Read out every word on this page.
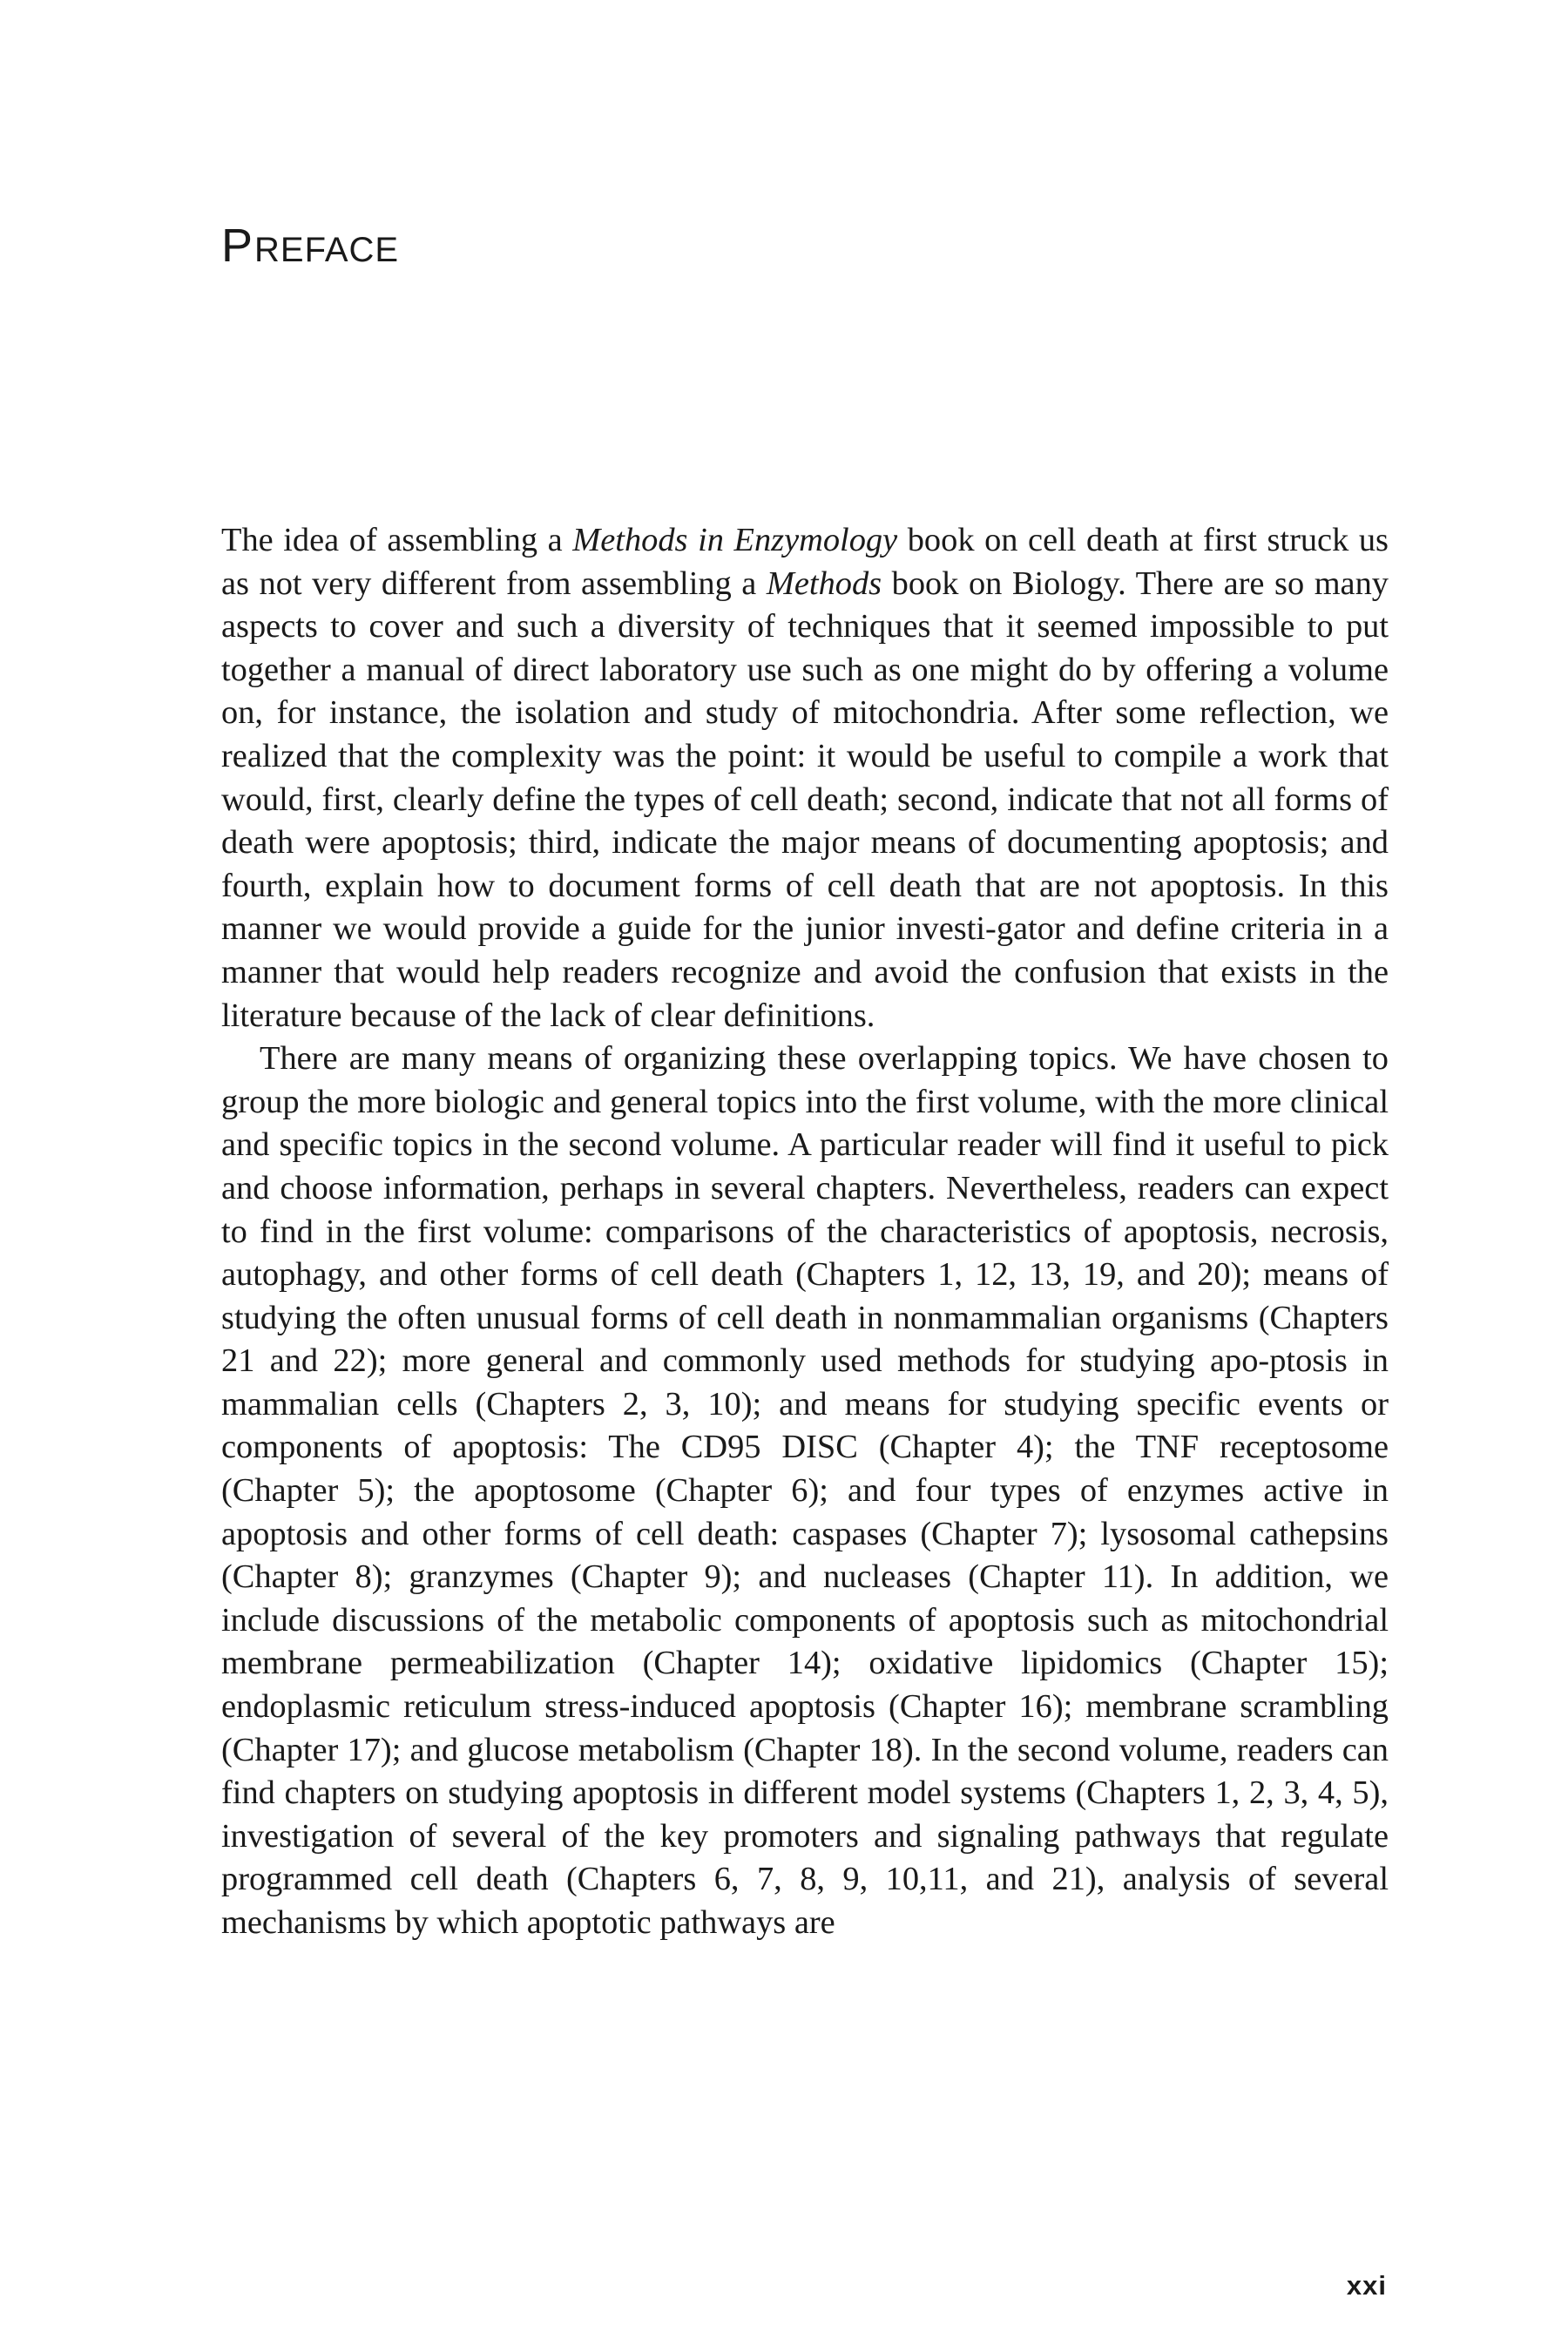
PREFACE

The idea of assembling a Methods in Enzymology book on cell death at first struck us as not very different from assembling a Methods book on Biology. There are so many aspects to cover and such a diversity of techniques that it seemed impossible to put together a manual of direct laboratory use such as one might do by offering a volume on, for instance, the isolation and study of mitochondria. After some reflection, we realized that the complexity was the point: it would be useful to compile a work that would, first, clearly define the types of cell death; second, indicate that not all forms of death were apoptosis; third, indicate the major means of documenting apoptosis; and fourth, explain how to document forms of cell death that are not apoptosis. In this manner we would provide a guide for the junior investi-gator and define criteria in a manner that would help readers recognize and avoid the confusion that exists in the literature because of the lack of clear definitions.

There are many means of organizing these overlapping topics. We have chosen to group the more biologic and general topics into the first volume, with the more clinical and specific topics in the second volume. A particular reader will find it useful to pick and choose information, perhaps in several chapters. Nevertheless, readers can expect to find in the first volume: comparisons of the characteristics of apoptosis, necrosis, autophagy, and other forms of cell death (Chapters 1, 12, 13, 19, and 20); means of studying the often unusual forms of cell death in nonmammalian organisms (Chapters 21 and 22); more general and commonly used methods for studying apo-ptosis in mammalian cells (Chapters 2, 3, 10); and means for studying specific events or components of apoptosis: The CD95 DISC (Chapter 4); the TNF receptosome (Chapter 5); the apoptosome (Chapter 6); and four types of enzymes active in apoptosis and other forms of cell death: caspases (Chapter 7); lysosomal cathepsins (Chapter 8); granzymes (Chapter 9); and nucleases (Chapter 11). In addition, we include discussions of the metabolic components of apoptosis such as mitochondrial membrane permeabilization (Chapter 14); oxidative lipidomics (Chapter 15); endoplasmic reticulum stress-induced apoptosis (Chapter 16); membrane scrambling (Chapter 17); and glucose metabolism (Chapter 18). In the second volume, readers can find chapters on studying apoptosis in different model systems (Chapters 1, 2, 3, 4, 5), investigation of several of the key promoters and signaling pathways that regulate programmed cell death (Chapters 6, 7, 8, 9, 10,11, and 21), analysis of several mechanisms by which apoptotic pathways are

xxi
